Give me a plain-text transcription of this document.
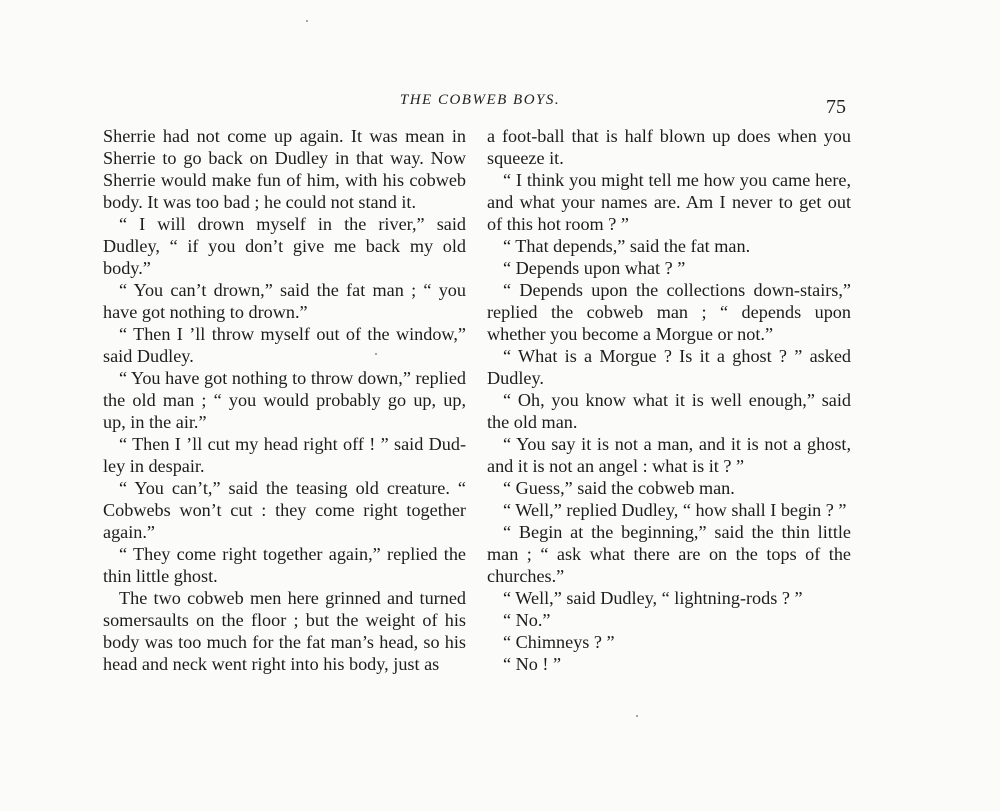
THE COBWEB BOYS.	75

Sherrie had not come up again. It was mean in Sherrie to go back on Dudley in that way. Now Sherrie would make fun of him, with his cobweb body. It was too bad ; he could not stand it.

“ I will drown myself in the river,” said Dudley, “ if you don’t give me back my old body.”

“ You can’t drown,” said the fat man ; “ you have got nothing to drown.”

“ Then I ’ll throw myself out of the window,” said Dudley.

“ You have got nothing to throw down,” replied the old man ; “ you would probably go up, up, up, in the air.”

“ Then I ’ll cut my head right off ! ” said Dudley in despair.

“ You can’t,” said the teasing old creature. “ Cobwebs won’t cut : they come right together again.”

“ They come right together again,” replied the thin little ghost.

The two cobweb men here grinned and turned somersaults on the floor ; but the weight of his body was too much for the fat man’s head, so his head and neck went right into his body, just as

a foot-ball that is half blown up does when you squeeze it.

“ I think you might tell me how you came here, and what your names are. Am I never to get out of this hot room ? ”

“ That depends,” said the fat man.

“ Depends upon what ? ”

“ Depends upon the collections down-stairs,” replied the cobweb man ; “ depends upon whether you become a Morgue or not.”

“ What is a Morgue ? Is it a ghost ? ” asked Dudley.

“ Oh, you know what it is well enough,” said the old man.

“ You say it is not a man, and it is not a ghost, and it is not an angel : what is it ? ”

“ Guess,” said the cobweb man.

“ Well,” replied Dudley, “ how shall I begin ? ”

“ Begin at the beginning,” said the thin little man ; “ ask what there are on the tops of the churches.”

“ Well,” said Dudley, “ lightning-rods ? ”

“ No.”

“ Chimneys ? ”

“ No ! ”
